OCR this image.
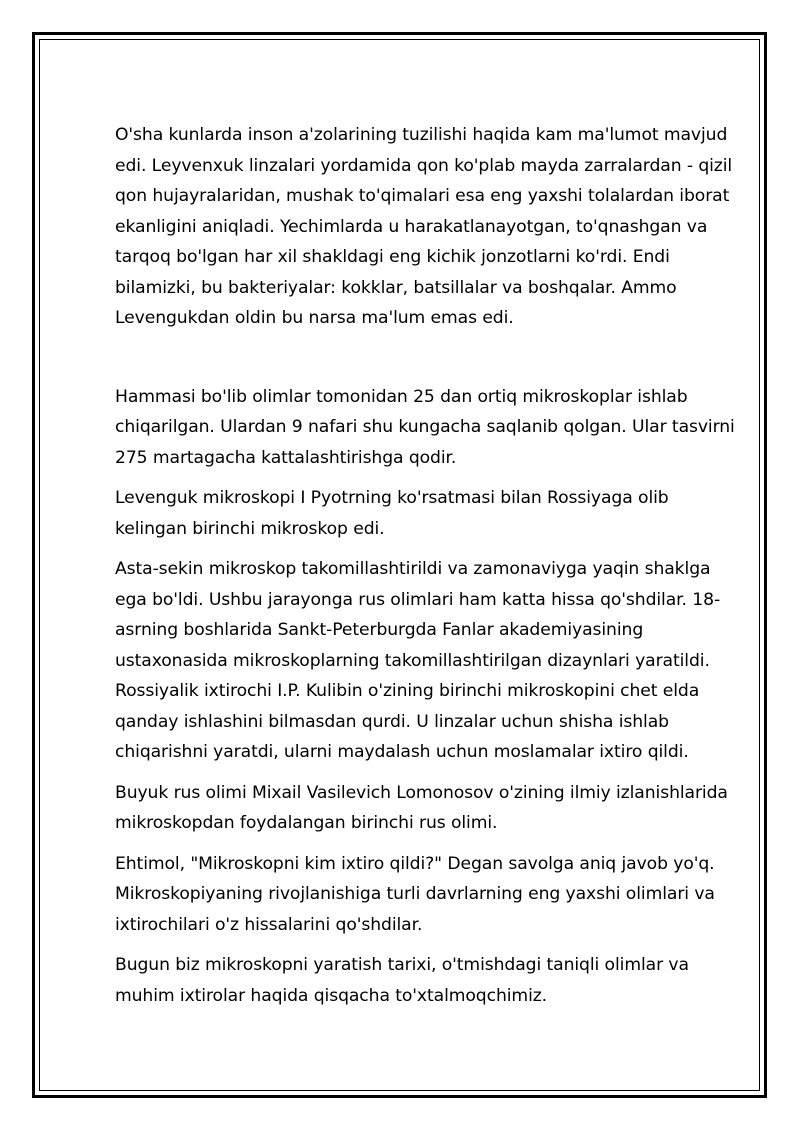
O'sha kunlarda inson a'zolarining tuzilishi haqida kam ma'lumot mavjud edi. Leyvenxuk linzalari yordamida qon ko'plab mayda zarralardan - qizil qon hujayralaridan, mushak to'qimalari esa eng yaxshi tolalardan iborat ekanligini aniqladi. Yechimlarda u harakatlanayotgan, to'qnashgan va tarqoq bo'lgan har xil shakldagi eng kichik jonzotlarni ko'rdi. Endi bilamizki, bu bakteriyalar: kokklar, batsillalar va boshqalar. Ammo Levengukdan oldin bu narsa ma'lum emas edi.

Hammasi bo'lib olimlar tomonidan 25 dan ortiq mikroskoplar ishlab chiqarilgan. Ulardan 9 nafari shu kungacha saqlanib qolgan. Ular tasvirni 275 martagacha kattalashtirishga qodir.

Levenguk mikroskopi I Pyotrning ko'rsatmasi bilan Rossiyaga olib kelingan birinchi mikroskop edi.

Asta-sekin mikroskop takomillashtirildi va zamonaviyga yaqin shaklga ega bo'ldi. Ushbu jarayonga rus olimlari ham katta hissa qo'shdilar. 18-asrning boshlarida Sankt-Peterburgda Fanlar akademiyasining ustaxonasida mikroskoplarning takomillashtirilgan dizaynlari yaratildi. Rossiyalik ixtirochi I.P. Kulibin o'zining birinchi mikroskopini chet elda qanday ishlashini bilmasdan qurdi. U linzalar uchun shisha ishlab chiqarishni yaratdi, ularni maydalash uchun moslamalar ixtiro qildi.

Buyuk rus olimi Mixail Vasilevich Lomonosov o'zining ilmiy izlanishlarida mikroskopdan foydalangan birinchi rus olimi.

Ehtimol, "Mikroskopni kim ixtiro qildi?" Degan savolga aniq javob yo'q. Mikroskopiyaning rivojlanishiga turli davrlarning eng yaxshi olimlari va ixtirochilari o'z hissalarini qo'shdilar.

Bugun biz mikroskopni yaratish tarixi, o'tmishdagi taniqli olimlar va muhim ixtirolar haqida qisqacha to'xtalmoqchimiz.
